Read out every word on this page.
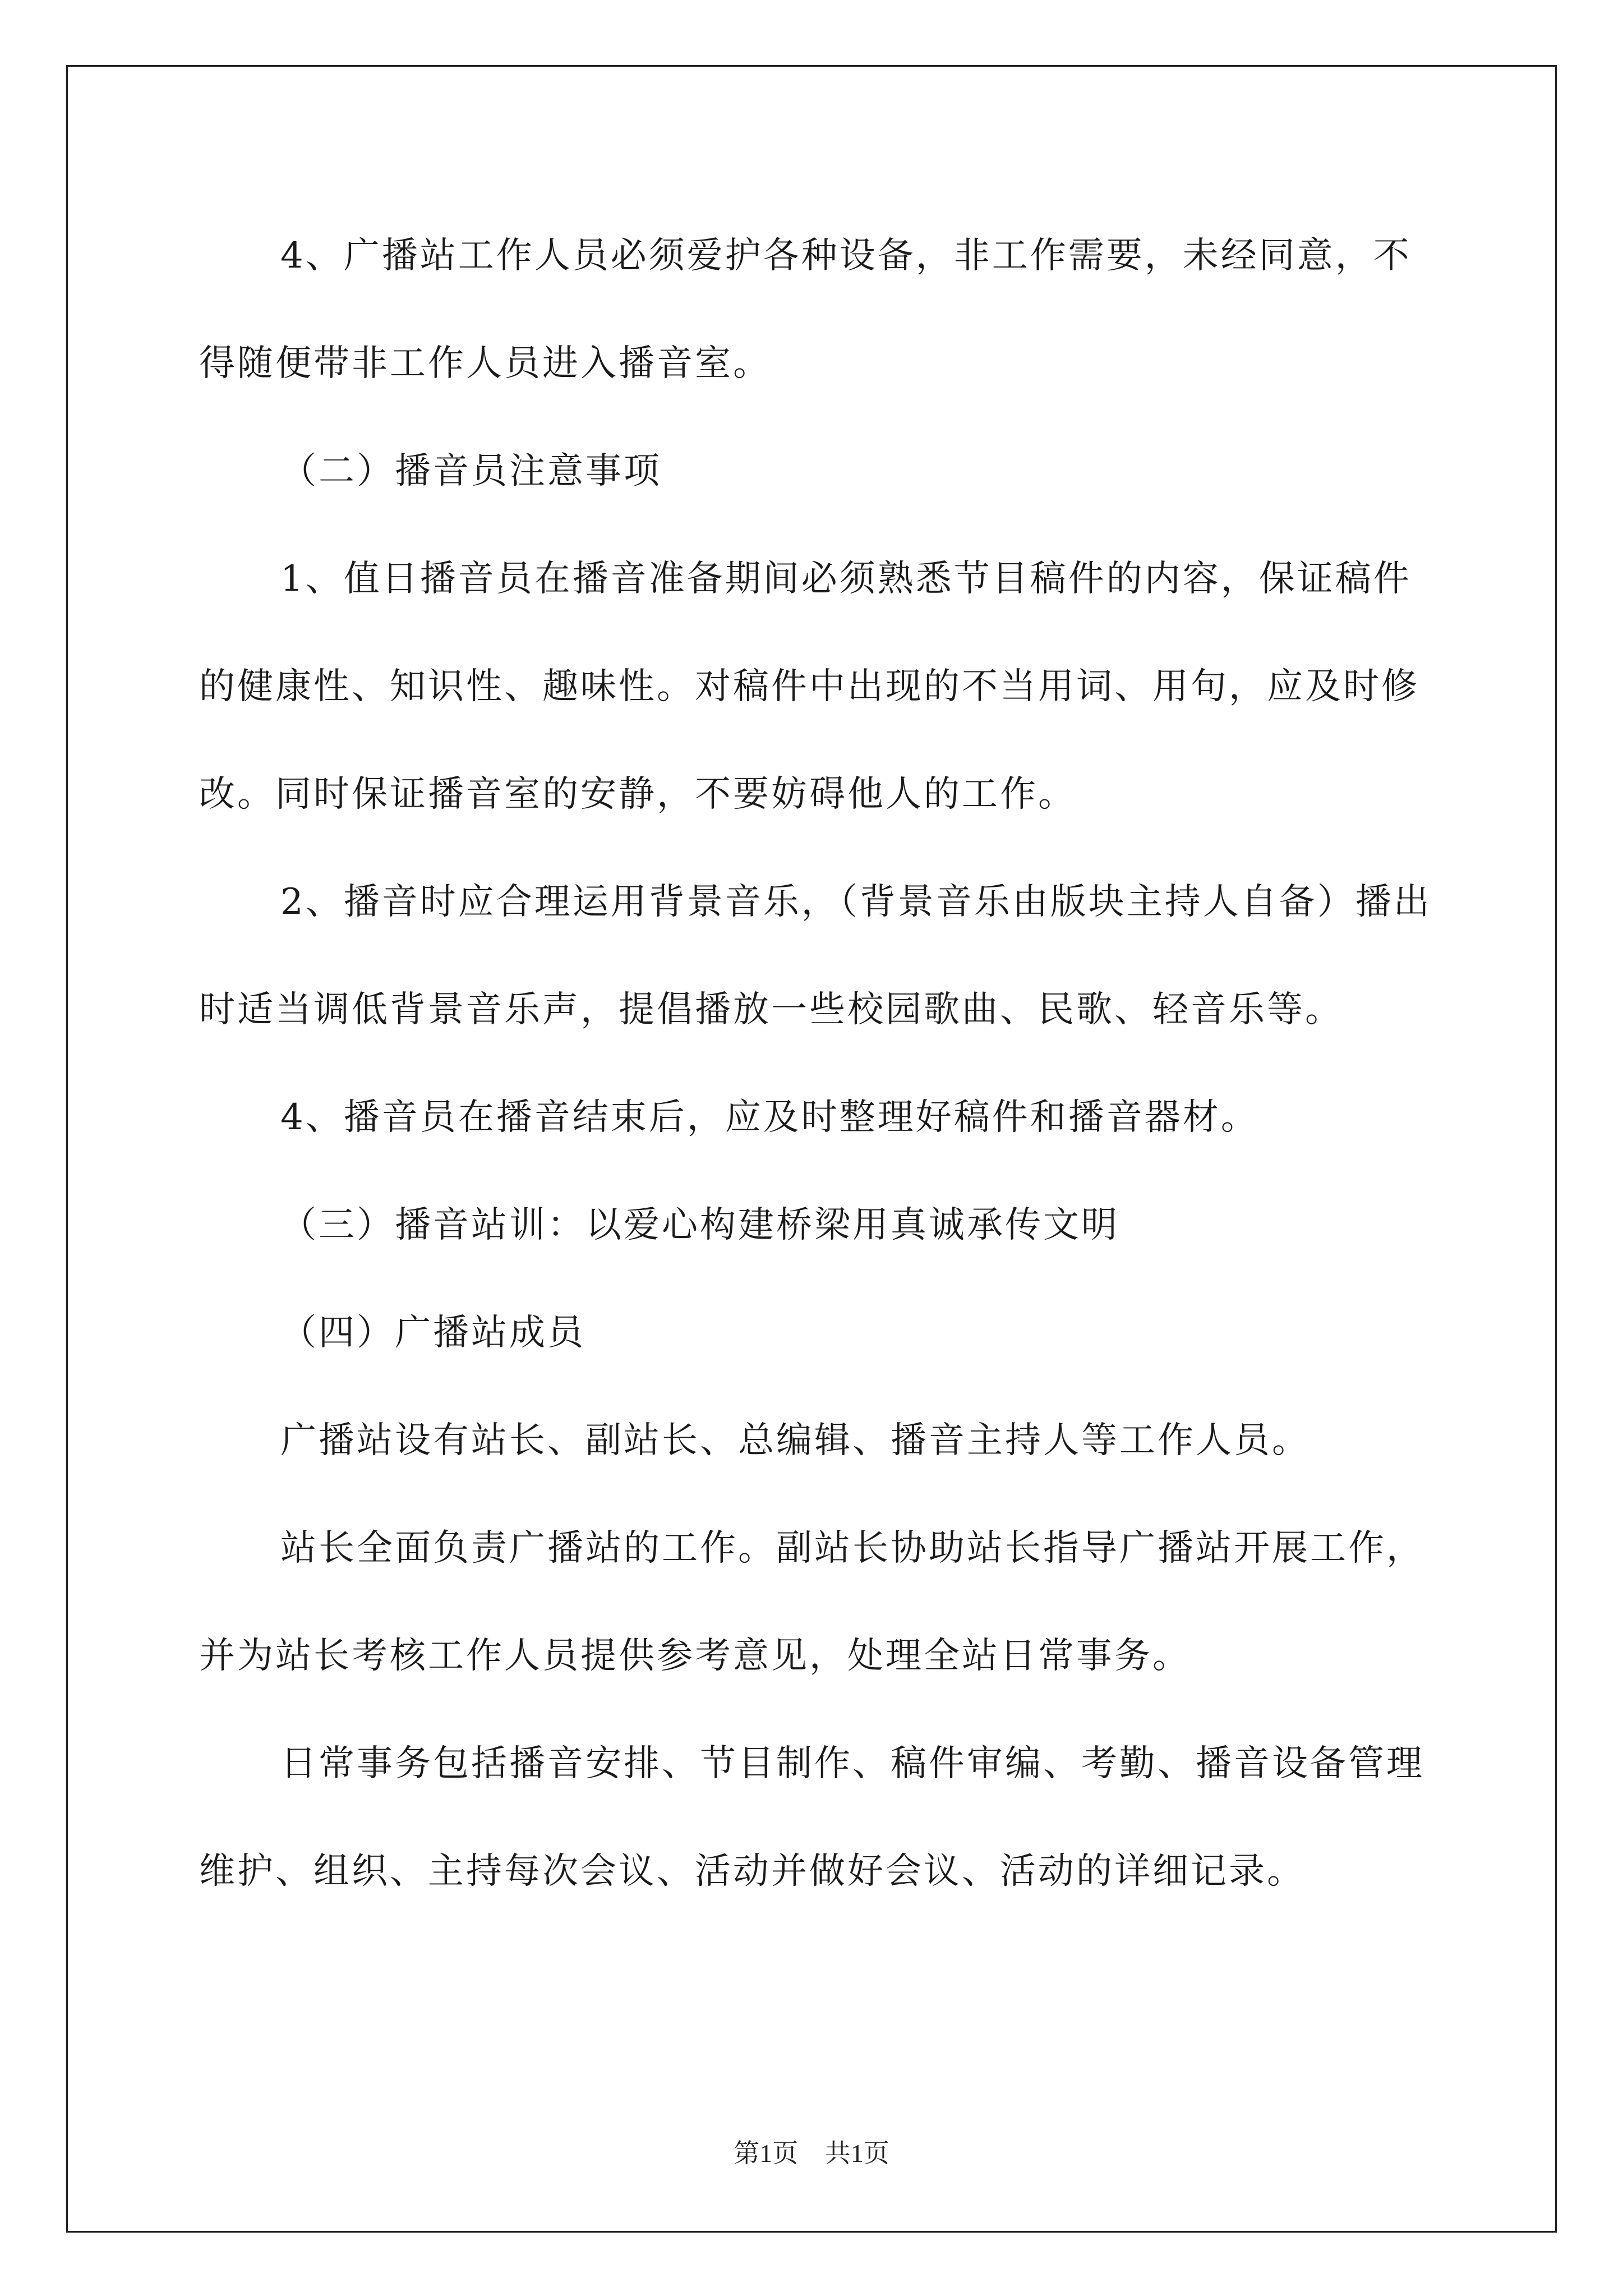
4、广播站工作人员必须爱护各种设备，非工作需要，未经同意，不得随便带非工作人员进入播音室。

（二）播音员注意事项

1、值日播音员在播音准备期间必须熟悉节目稿件的内容，保证稿件的健康性、知识性、趣味性。对稿件中出现的不当用词、用句，应及时修改。同时保证播音室的安静，不要妨碍他人的工作。

2、播音时应合理运用背景音乐，（背景音乐由版块主持人自备）播出时适当调低背景音乐声，提倡播放一些校园歌曲、民歌、轻音乐等。

4、播音员在播音结束后，应及时整理好稿件和播音器材。

（三）播音站训：以爱心构建桥梁用真诚承传文明

（四）广播站成员

广播站设有站长、副站长、总编辑、播音主持人等工作人员。

站长全面负责广播站的工作。副站长协助站长指导广播站开展工作，并为站长考核工作人员提供参考意见，处理全站日常事务。

日常事务包括播音安排、节目制作、稿件审编、考勤、播音设备管理维护、组织、主持每次会议、活动并做好会议、活动的详细记录。

第1页 共1页
